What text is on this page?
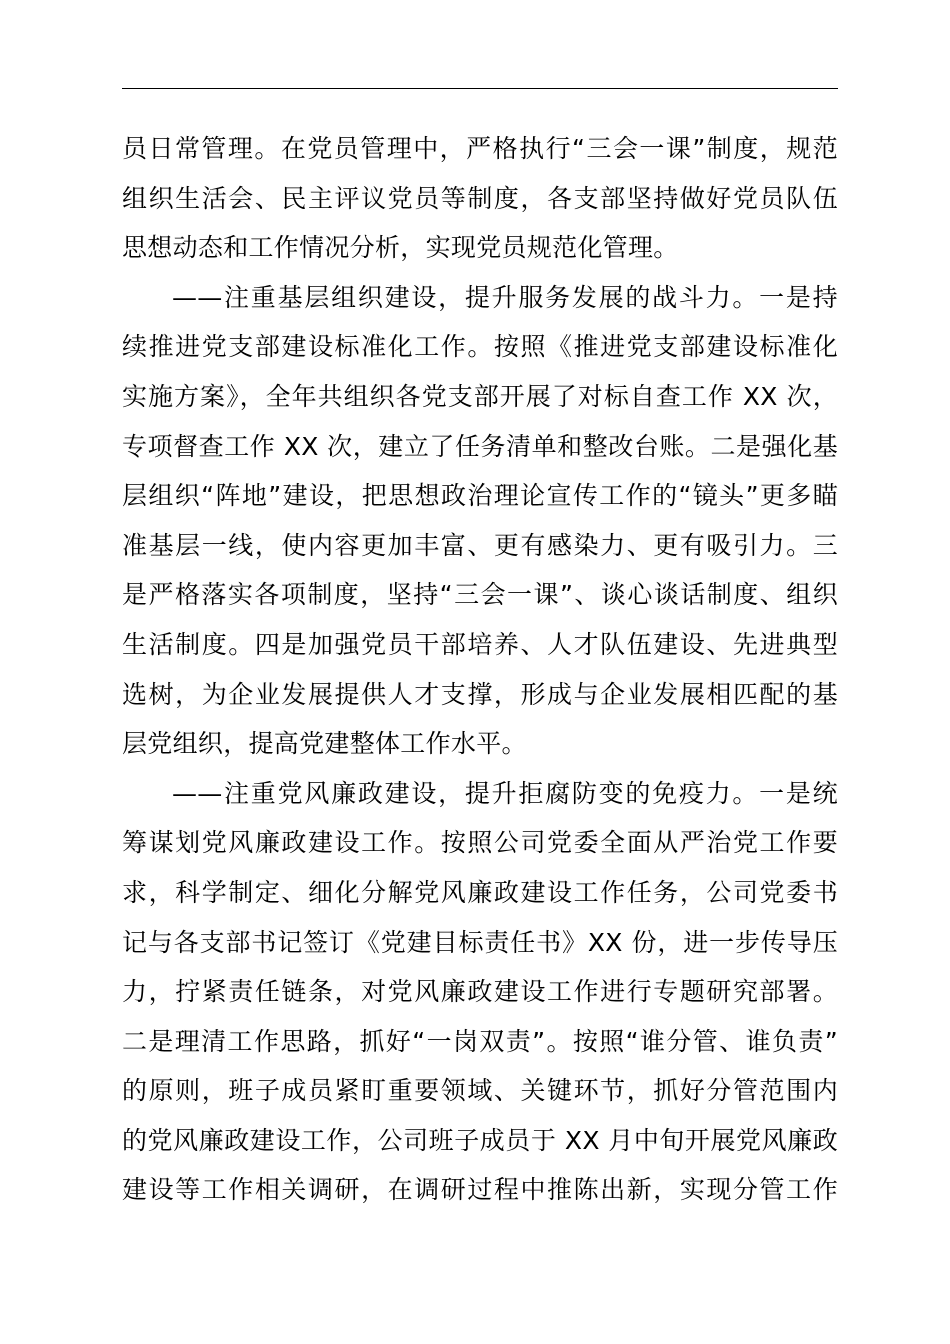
员日常管理。在党员管理中，严格执行“三会一课”制度，规范
组织生活会、民主评议党员等制度，各支部坚持做好党员队伍
思想动态和工作情况分析，实现党员规范化管理。
——注重基层组织建设，提升服务发展的战斗力。一是持
续推进党支部建设标准化工作。按照《推进党支部建设标准化
实施方案》，全年共组织各党支部开展了对标自查工作 XX 次，
专项督查工作 XX 次，建立了任务清单和整改台账。二是强化基
层组织“阵地”建设，把思想政治理论宣传工作的“镜头”更多瞄
准基层一线，使内容更加丰富、更有感染力、更有吸引力。三
是严格落实各项制度，坚持“三会一课”、谈心谈话制度、组织
生活制度。四是加强党员干部培养、人才队伍建设、先进典型
选树，为企业发展提供人才支撑，形成与企业发展相匹配的基
层党组织，提高党建整体工作水平。
——注重党风廉政建设，提升拒腐防变的免疫力。一是统
筹谋划党风廉政建设工作。按照公司党委全面从严治党工作要
求，科学制定、细化分解党风廉政建设工作任务，公司党委书
记与各支部书记签订《党建目标责任书》XX 份，进一步传导压
力，拧紧责任链条，对党风廉政建设工作进行专题研究部署。
二是理清工作思路，抓好“一岗双责”。按照“谁分管、谁负责”
的原则，班子成员紧盯重要领域、关键环节，抓好分管范围内
的党风廉政建设工作，公司班子成员于 XX 月中旬开展党风廉政
建设等工作相关调研，在调研过程中推陈出新，实现分管工作
